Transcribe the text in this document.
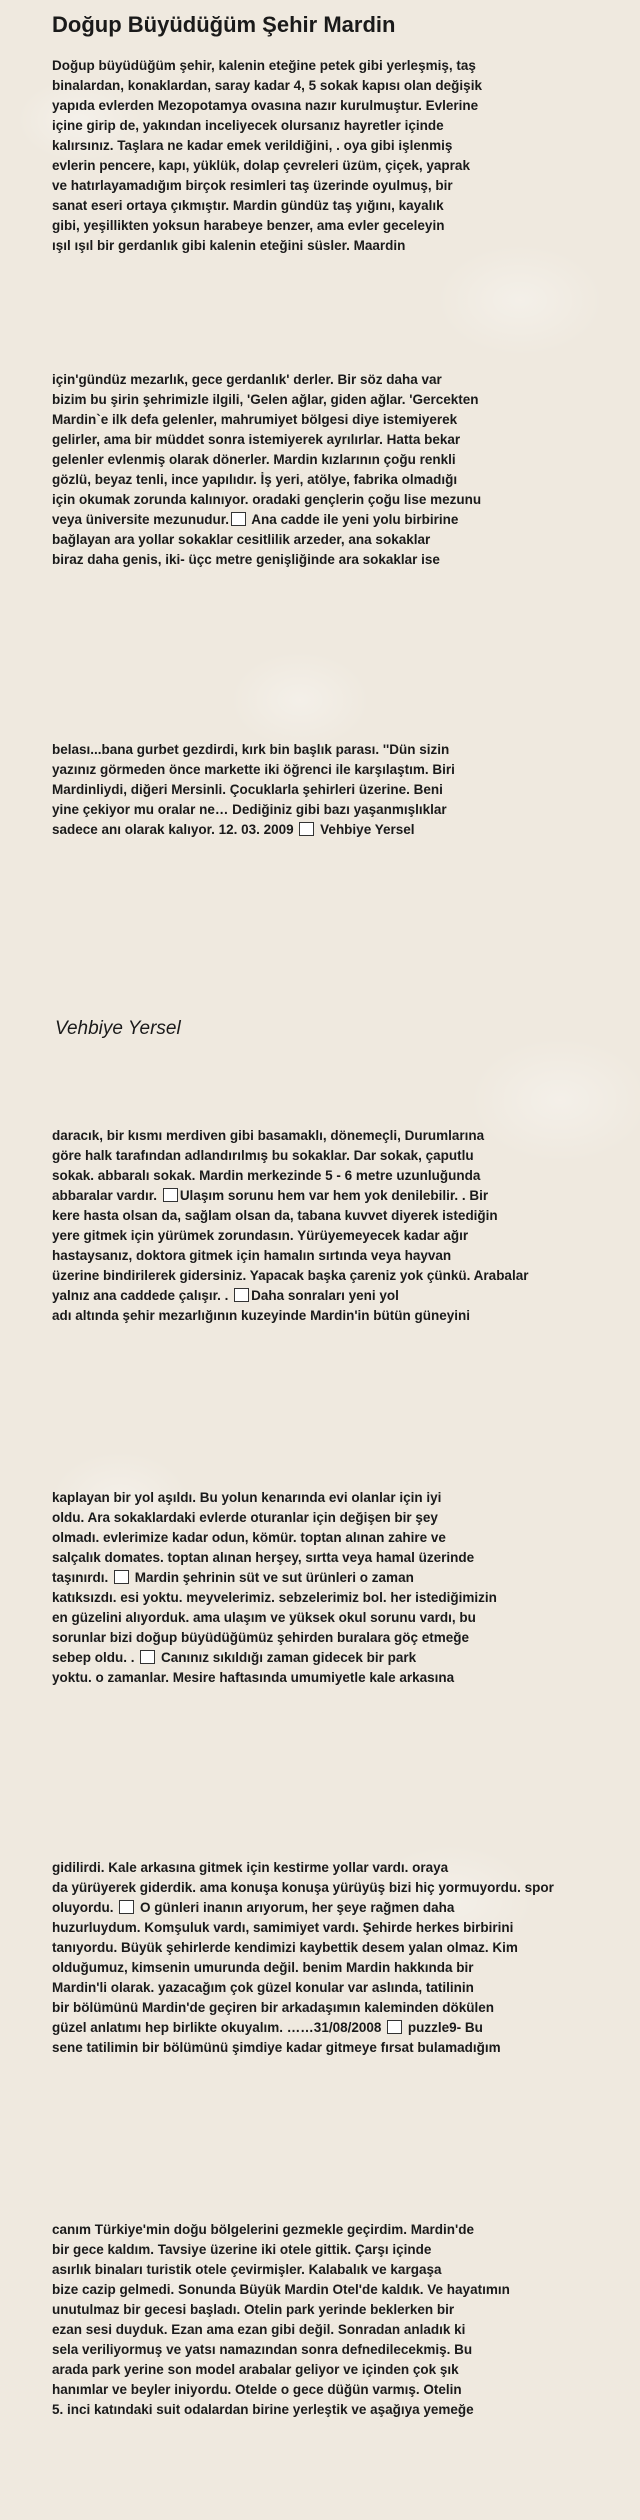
Doğup Büyüdüğüm Şehir Mardin
Doğup büyüdüğüm şehir, kalenin eteğine petek gibi yerleşmiş, taş
binalardan, konaklardan, saray kadar 4, 5 sokak kapısı olan değişik
yapıda evlerden Mezopotamya ovasına nazır kurulmuştur. Evlerine
içine girip de, yakından inceliyecek olursanız hayretler içinde
kalırsınız. Taşlara ne kadar emek verildiğini, . oya gibi işlenmiş
evlerin pencere, kapı, yüklük, dolap çevreleri üzüm, çiçek, yaprak
ve hatırlayamadığım birçok resimleri taş üzerinde oyulmuş, bir
sanat eseri ortaya çıkmıştır. Mardin gündüz taş yığını, kayalık
gibi, yeşillikten yoksun harabeye benzer, ama evler geceleyin
ışıl ışıl bir gerdanlık gibi kalenin eteğini süsler. Maardin
için'gündüz mezarlık, gece gerdanlık' derler. Bir söz daha var
bizim bu şirin şehrimizle ilgili, 'Gelen ağlar, giden ağlar. 'Gercekten
Mardin`e ilk defa gelenler, mahrumiyet bölgesi diye istemiyerek
gelirler, ama bir müddet sonra istemiyerek ayrılırlar. Hatta bekar
gelenler evlenmiş olarak dönerler. Mardin kızlarının çoğu renkli
gözlü, beyaz tenli, ince yapılıdır. İş yeri, atölye, fabrika olmadığı
için okumak zorunda kalınıyor. oradaki gençlerin çoğu lise mezunu
veya üniversite mezunudur. Ana cadde ile yeni yolu birbirine
bağlayan ara yollar sokaklar cesitlilik arzeder, ana sokaklar
biraz daha genis, iki- üçc metre genişliğinde ara sokaklar ise
belası...bana gurbet gezdirdi, kırk bin başlık parası. ''Dün sizin
yazınız görmeden önce markette iki öğrenci ile karşılaştım. Biri
Mardinliydi, diğeri Mersinli. Çocuklarla şehirleri üzerine. Beni
yine çekiyor mu oralar ne… Dediğiniz gibi bazı yaşanmışlıklar
sadece anı olarak kalıyor. 12. 03. 2009  Vehbiye Yersel
daracık, bir kısmı merdiven gibi basamaklı, dönemeçli, Durumlarına
göre halk tarafından adlandırılmış bu sokaklar. Dar sokak, çaputlu
sokak. abbaralı sokak. Mardin merkezinde 5 - 6 metre uzunluğunda
abbaralar vardır. Ulaşım sorunu hem var hem yok denilebilir. . Bir
kere hasta olsan da, sağlam olsan da, tabana kuvvet diyerek istediğin
yere gitmek için yürümek zorundasın. Yürüyemeyecek kadar ağır
hastaysanız, doktora gitmek için hamalın sırtında veya hayvan
üzerine bindirilerek gidersiniz. Yapacak başka çareniz yok çünkü. Arabalar
yalnız ana caddede çalışır. . Daha sonraları yeni yol
adı altında şehir mezarlığının kuzeyinde Mardin'in bütün güneyini
kaplayan bir yol aşıldı. Bu yolun kenarında evi olanlar için iyi
oldu. Ara sokaklardaki evlerde oturanlar için değişen bir şey
olmadı. evlerimize kadar odun, kömür. toptan alınan zahire ve
salçalık domates. toptan alınan herşey, sırtta veya hamal üzerinde
taşınırdı.  Mardin şehrinin süt ve sut ürünleri o zaman
katıksızdı. esi yoktu. meyvelerimiz. sebzelerimiz bol. her istediğimizin
en güzelini alıyorduk. ama ulaşım ve yüksek okul sorunu vardı, bu
sorunlar bizi doğup büyüdüğümüz şehirden buralara göç etmeğe
sebep oldu. .  Canınız sıkıldığı zaman gidecek bir park
yoktu. o zamanlar. Mesire haftasında umumiyetle kale arkasına
gidilirdi. Kale arkasına gitmek için kestirme yollar vardı. oraya
da yürüyerek giderdik. ama konuşa konuşa yürüyüş bizi hiç yormuyordu. spor
oluyordu.  O günleri inanın arıyorum, her şeye rağmen daha
huzurluydum. Komşuluk vardı, samimiyet vardı. Şehirde herkes birbirini
tanıyordu. Büyük şehirlerde kendimizi kaybettik desem yalan olmaz. Kim
olduğumuz, kimsenin umurunda değil. benim Mardin hakkında bir
Mardin'li olarak. yazacağım çok güzel konular var aslında, tatilinin
bir bölümünü Mardin'de geçiren bir arkadaşımın kaleminden dökülen
güzel anlatımı hep birlikte okuyalım. ……31/08/2008  puzzle9- Bu
sene tatilimin bir bölümünü şimdiye kadar gitmeye fırsat bulamadığım
canım Türkiye'min doğu bölgelerini gezmekle geçirdim. Mardin'de
bir gece kaldım. Tavsiye üzerine iki otele gittik. Çarşı içinde
asırlık binaları turistik otele çevirmişler. Kalabalık ve kargaşa
bize cazip gelmedi. Sonunda Büyük Mardin Otel'de kaldık. Ve hayatımın
unutulmaz bir gecesi başladı. Otelin park yerinde beklerken bir
ezan sesi duyduk. Ezan ama ezan gibi değil. Sonradan anladık ki
sela veriliyormuş ve yatsı namazından sonra defnedilecekmiş. Bu
arada park yerine son model arabalar geliyor ve içinden çok şık
hanımlar ve beyler iniyordu. Otelde o gece düğün varmış. Otelin
5. inci katındaki suit odalardan birine yerleştik ve aşağıya yemeğe
Vehbiye Yersel
